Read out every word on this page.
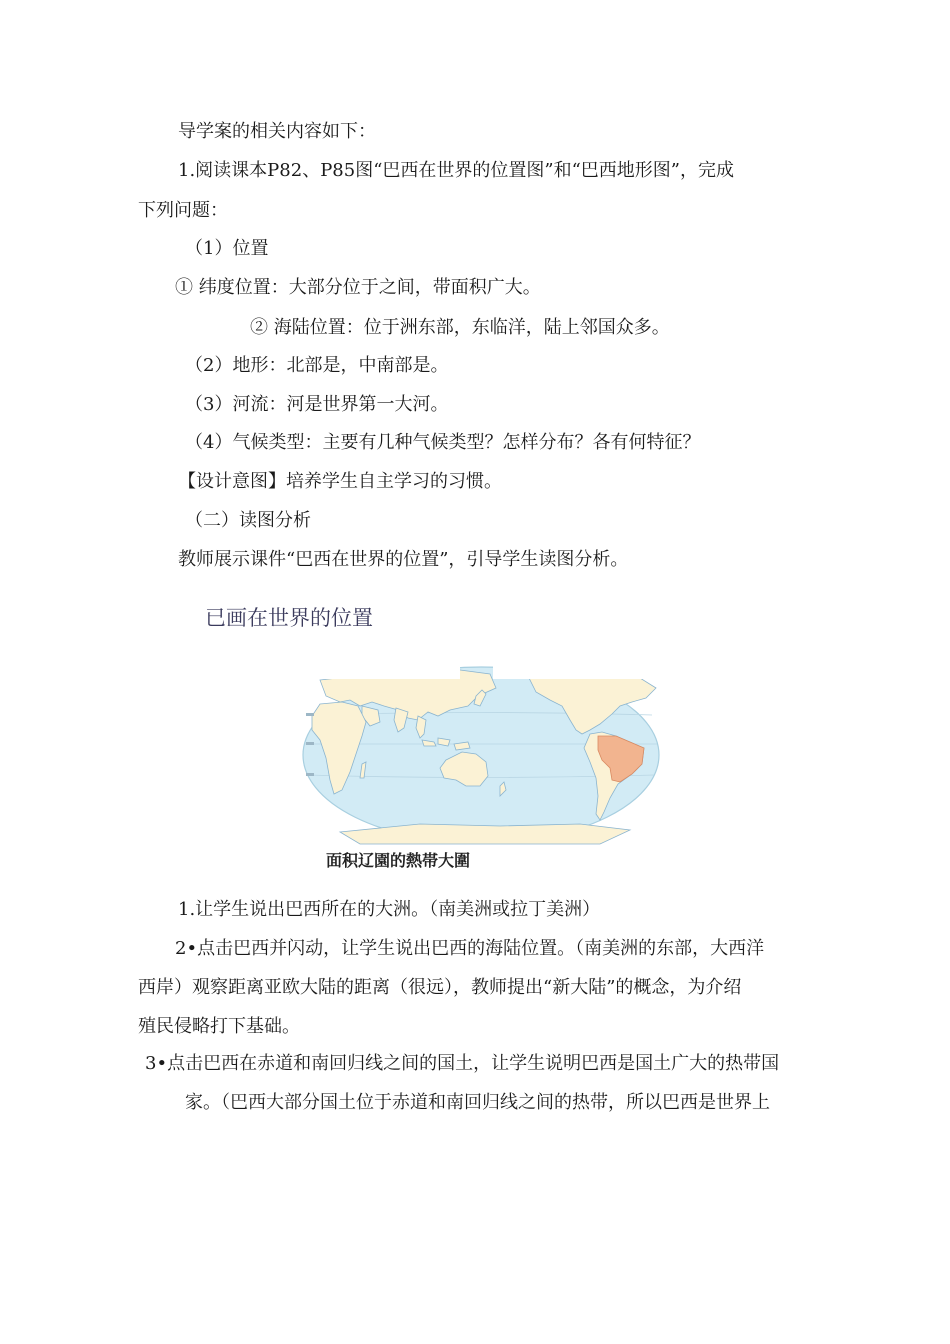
导学案的相关内容如下：
1.阅读课本P82、P85图“巴西在世界的位置图”和“巴西地形图”，完成
下列问题：
（1）位置
① 纬度位置：大部分位于之间，带面积广大。
② 海陆位置：位于洲东部，东临洋，陆上邻国众多。
（2）地形：北部是，中南部是。
（3）河流：河是世界第一大河。
（4）气候类型：主要有几种气候类型？怎样分布？各有何特征？
【设计意图】培养学生自主学习的习惯。
（二）读图分析
教师展示课件“巴西在世界的位置”，引导学生读图分析。
已画在世界的位置
面积辽園的熱帯大圍
1.让学生说出巴西所在的大洲。（南美洲或拉丁美洲）
2•点击巴西并闪动，让学生说出巴西的海陆位置。（南美洲的东部，大西洋
西岸）观察距离亚欧大陆的距离（很远），教师提出“新大陆”的概念，为介绍
殖民侵略打下基础。
3•点击巴西在赤道和南回归线之间的国土，让学生说明巴西是国土广大的热带国
家。（巴西大部分国土位于赤道和南回归线之间的热带，所以巴西是世界上
